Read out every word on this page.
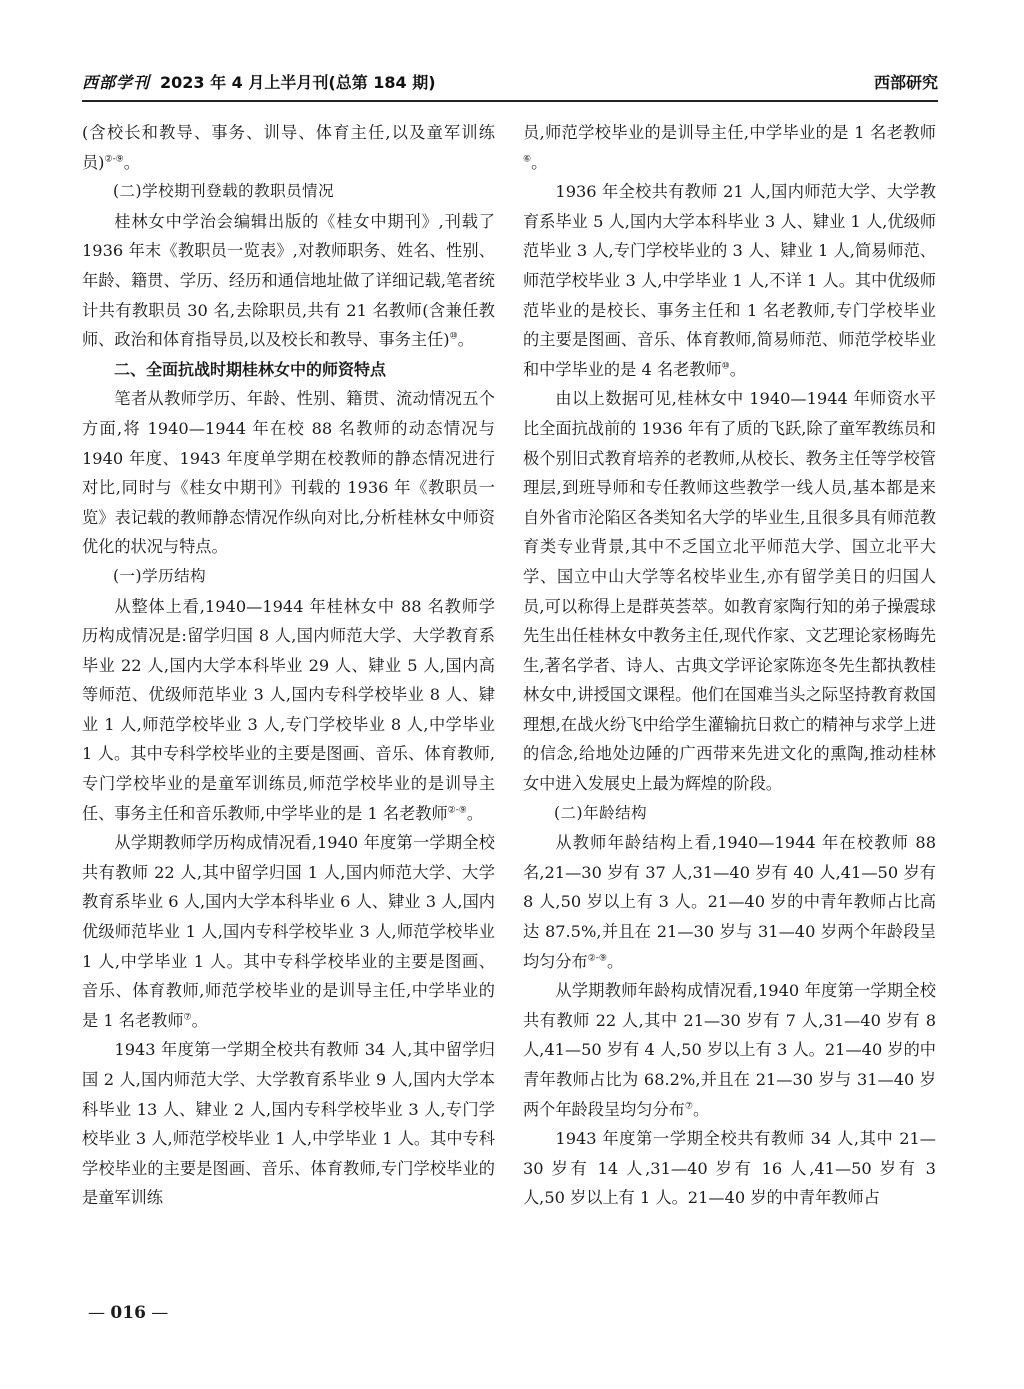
西部学刊 2023 年 4 月上半月刊(总第 184 期)	西部研究

(含校长和教导、事务、训导、体育主任,以及童军训练员)②-⑨。

(二)学校期刊登载的教职员情况

桂林女中学治会编辑出版的《桂女中期刊》,刊载了 1936 年末《教职员一览表》,对教师职务、姓名、性别、年龄、籍贯、学历、经历和通信地址做了详细记载,笔者统计共有教职员 30 名,去除职员,共有 21 名教师(含兼任教师、政治和体育指导员,以及校长和教导、事务主任)⑩。

二、全面抗战时期桂林女中的师资特点

笔者从教师学历、年龄、性别、籍贯、流动情况五个方面,将 1940—1944 年在校 88 名教师的动态情况与 1940 年度、1943 年度单学期在校教师的静态情况进行对比,同时与《桂女中期刊》刊载的 1936 年《教职员一览》表记载的教师静态情况作纵向对比,分析桂林女中师资优化的状况与特点。

(一)学历结构

从整体上看,1940—1944 年桂林女中 88 名教师学历构成情况是:留学归国 8 人,国内师范大学、大学教育系毕业 22 人,国内大学本科毕业 29 人、肄业 5 人,国内高等师范、优级师范毕业 3 人,国内专科学校毕业 8 人、肄业 1 人,师范学校毕业 3 人,专门学校毕业 8 人,中学毕业 1 人。其中专科学校毕业的主要是图画、音乐、体育教师,专门学校毕业的是童军训练员,师范学校毕业的是训导主任、事务主任和音乐教师,中学毕业的是 1 名老教师②-⑨。

从学期教师学历构成情况看,1940 年度第一学期全校共有教师 22 人,其中留学归国 1 人,国内师范大学、大学教育系毕业 6 人,国内大学本科毕业 6 人、肄业 3 人,国内优级师范毕业 1 人,国内专科学校毕业 3 人,师范学校毕业 1 人,中学毕业 1 人。其中专科学校毕业的主要是图画、音乐、体育教师,师范学校毕业的是训导主任,中学毕业的是 1 名老教师⑦。

1943 年度第一学期全校共有教师 34 人,其中留学归国 2 人,国内师范大学、大学教育系毕业 9 人,国内大学本科毕业 13 人、肄业 2 人,国内专科学校毕业 3 人,专门学校毕业 3 人,师范学校毕业 1 人,中学毕业 1 人。其中专科学校毕业的主要是图画、音乐、体育教师,专门学校毕业的是童军训练

员,师范学校毕业的是训导主任,中学毕业的是 1 名老教师⑥。

1936 年全校共有教师 21 人,国内师范大学、大学教育系毕业 5 人,国内大学本科毕业 3 人、肄业 1 人,优级师范毕业 3 人,专门学校毕业的 3 人、肄业 1 人,简易师范、师范学校毕业 3 人,中学毕业 1 人,不详 1 人。其中优级师范毕业的是校长、事务主任和 1 名老教师,专门学校毕业的主要是图画、音乐、体育教师,简易师范、师范学校毕业和中学毕业的是 4 名老教师⑩。

由以上数据可见,桂林女中 1940—1944 年师资水平比全面抗战前的 1936 年有了质的飞跃,除了童军教练员和极个别旧式教育培养的老教师,从校长、教务主任等学校管理层,到班导师和专任教师这些教学一线人员,基本都是来自外省市沦陷区各类知名大学的毕业生,且很多具有师范教育类专业背景,其中不乏国立北平师范大学、国立北平大学、国立中山大学等名校毕业生,亦有留学美日的归国人员,可以称得上是群英荟萃。如教育家陶行知的弟子操震球先生出任桂林女中教务主任,现代作家、文艺理论家杨晦先生,著名学者、诗人、古典文学评论家陈迩冬先生都执教桂林女中,讲授国文课程。他们在国难当头之际坚持教育救国理想,在战火纷飞中给学生灌输抗日救亡的精神与求学上进的信念,给地处边陲的广西带来先进文化的熏陶,推动桂林女中进入发展史上最为辉煌的阶段。

(二)年龄结构

从教师年龄结构上看,1940—1944 年在校教师 88 名,21—30 岁有 37 人,31—40 岁有 40 人,41—50 岁有 8 人,50 岁以上有 3 人。21—40 岁的中青年教师占比高达 87.5%,并且在 21—30 岁与 31—40 岁两个年龄段呈均匀分布②-⑨。

从学期教师年龄构成情况看,1940 年度第一学期全校共有教师 22 人,其中 21—30 岁有 7 人,31—40 岁有 8 人,41—50 岁有 4 人,50 岁以上有 3 人。21—40 岁的中青年教师占比为 68.2%,并且在 21—30 岁与 31—40 岁两个年龄段呈均匀分布⑦。

1943 年度第一学期全校共有教师 34 人,其中 21—30 岁有 14 人,31—40 岁有 16 人,41—50 岁有 3 人,50 岁以上有 1 人。21—40 岁的中青年教师占

— 016 —
